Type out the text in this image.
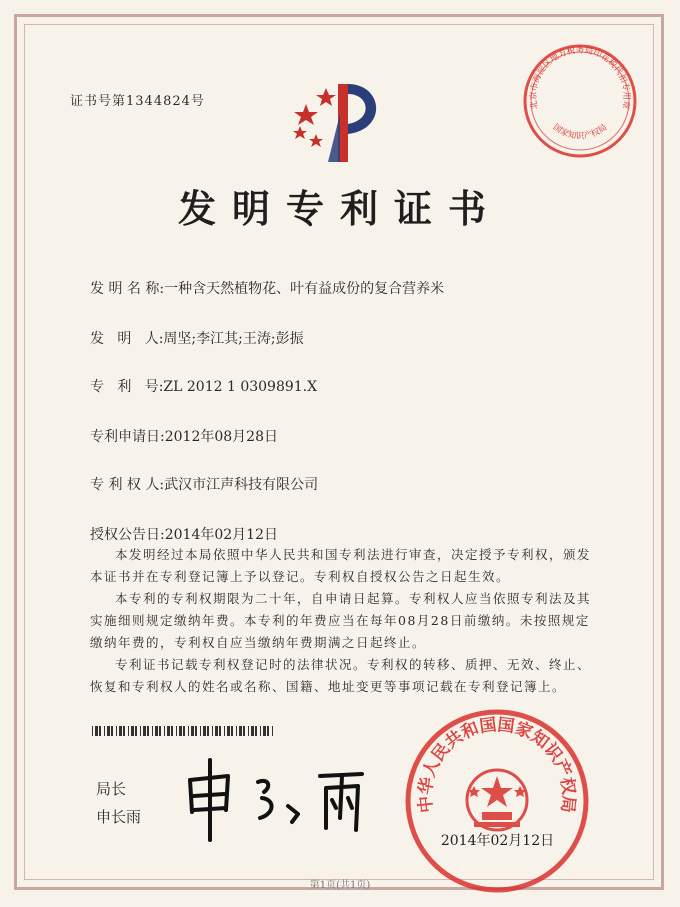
证书号第1344824号
发明专利证书
发 明 名 称:一种含天然植物花、叶有益成份的复合营养米
发   明   人:周坚;李江其;王涛;彭振
专   利   号:ZL 2012 1 0309891.X
专利申请日:2012年08月28日
专 利 权 人:武汉市江声科技有限公司
授权公告日:2014年02月12日

本发明经过本局依照中华人民共和国专利法进行审查，决定授予专利权，颁发本证书并在专利登记簿上予以登记。专利权自授权公告之日起生效。

本专利的专利权期限为二十年，自申请日起算。专利权人应当依照专利法及其实施细则规定缴纳年费。本专利的年费应当在每年08月28日前缴纳。未按照规定缴纳年费的，专利权自应当缴纳年费期满之日起终止。

专利证书记载专利权登记时的法律状况。专利权的转移、质押、无效、终止、恢复和专利权人的姓名或名称、国籍、地址变更等事项记载在专利登记簿上。

局长
申长雨
中华人民共和国国家知识产权局
2014年02月12日
北京市海淀区地方税务局印花税代扣专用章
国家知识产权局
第1页(共1页)
